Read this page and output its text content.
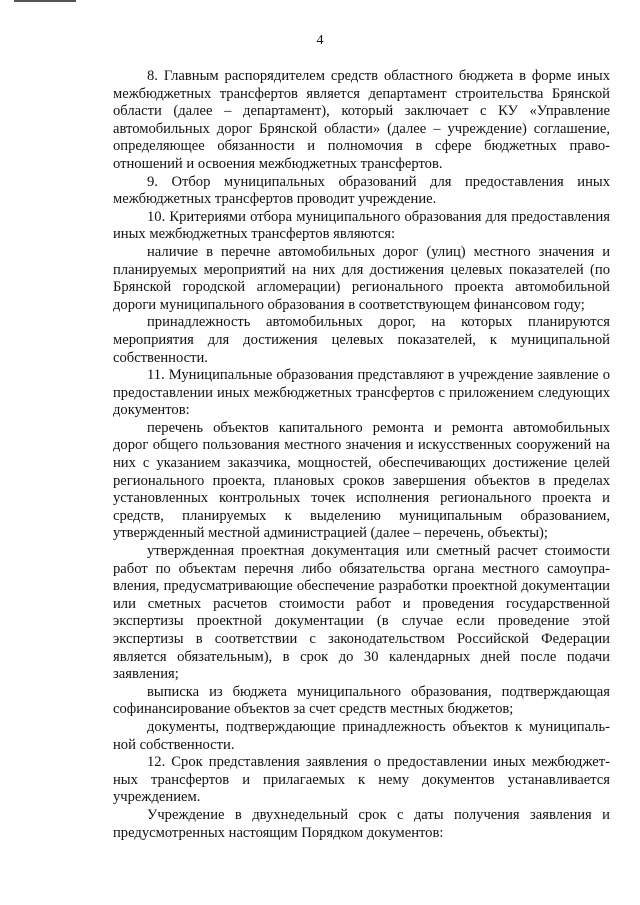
4

8. Главным распорядителем средств областного бюджета в форме иных межбюджетных трансфертов является департамент строительства Брянской области (далее – департамент), который заключает с КУ «Управление автомобильных дорог Брянской области» (далее – учреждение) соглашение, определяющее обязанности и полномочия в сфере бюджетных правоотношений и освоения межбюджетных трансфертов.

9. Отбор муниципальных образований для предоставления иных межбюджетных трансфертов проводит учреждение.

10. Критериями отбора муниципального образования для предоставления иных межбюджетных трансфертов являются:

наличие в перечне автомобильных дорог (улиц) местного значения и планируемых мероприятий на них для достижения целевых показателей (по Брянской городской агломерации) регионального проекта автомобильной дороги муниципального образования в соответствующем финансовом году;

принадлежность автомобильных дорог, на которых планируются мероприятия для достижения целевых показателей, к муниципальной собственности.

11. Муниципальные образования представляют в учреждение заявление о предоставлении иных межбюджетных трансфертов с приложением следующих документов:

перечень объектов капитального ремонта и ремонта автомобильных дорог общего пользования местного значения и искусственных сооружений на них с указанием заказчика, мощностей, обеспечивающих достижение целей регионального проекта, плановых сроков завершения объектов в пределах установленных контрольных точек исполнения регионального проекта и средств, планируемых к выделению муниципальным образованием, утвержденный местной администрацией (далее – перечень, объекты);

утвержденная проектная документация или сметный расчет стоимости работ по объектам перечня либо обязательства органа местного самоуправления, предусматривающие обеспечение разработки проектной документации или сметных расчетов стоимости работ и проведения государственной экспертизы проектной документации (в случае если проведение этой экспертизы в соответствии с законодательством Российской Федерации является обязательным), в срок до 30 календарных дней после подачи заявления;

выписка из бюджета муниципального образования, подтверждающая софинансирование объектов за счет средств местных бюджетов;

документы, подтверждающие принадлежность объектов к муниципальной собственности.

12. Срок представления заявления о предоставлении иных межбюджетных трансфертов и прилагаемых к нему документов устанавливается учреждением.

Учреждение в двухнедельный срок с даты получения заявления и предусмотренных настоящим Порядком документов:
